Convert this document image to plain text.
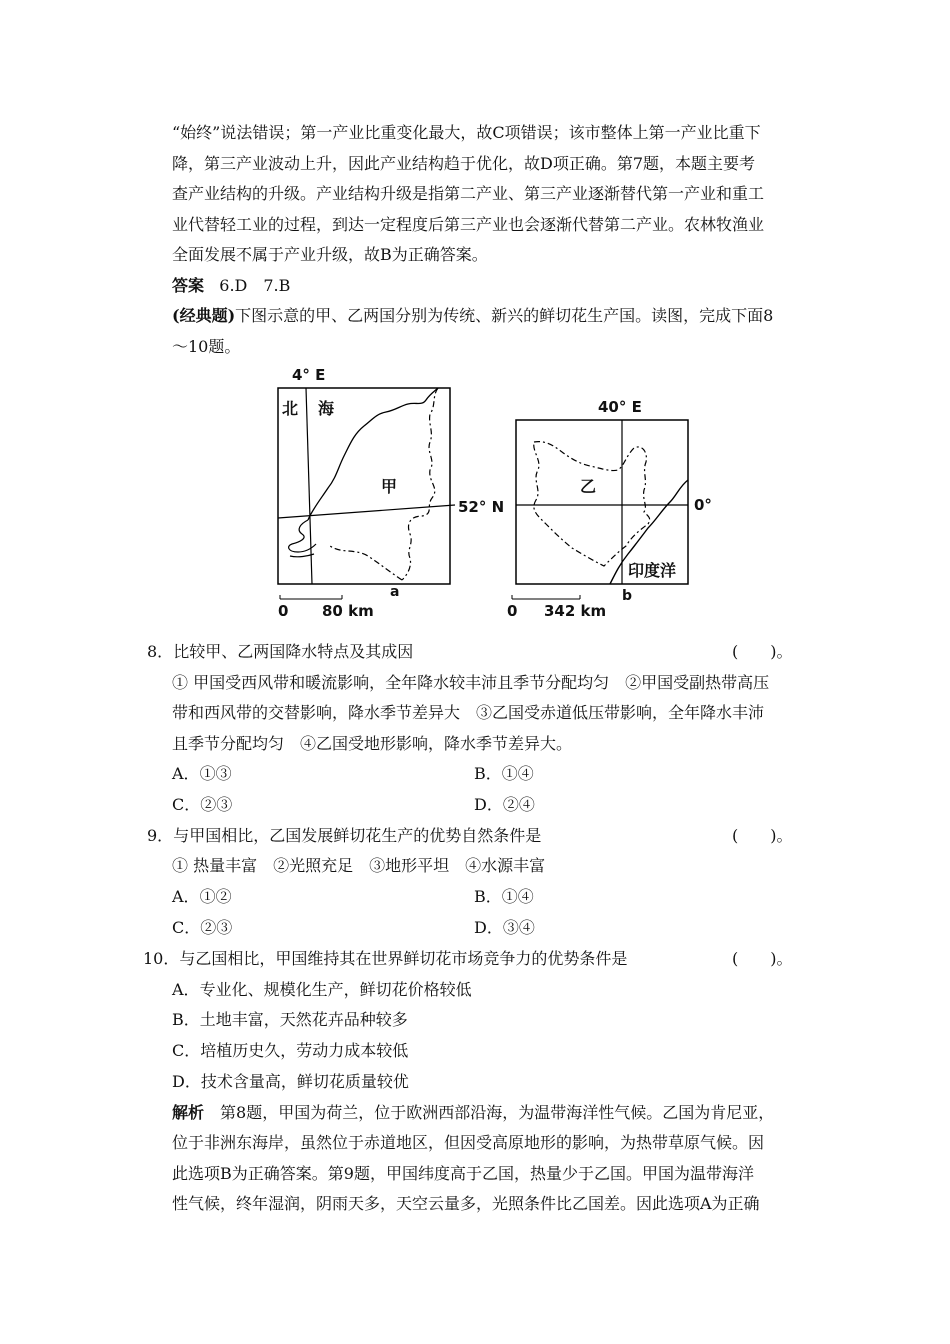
“始终”说法错误；第一产业比重变化最大，故C项错误；该市整体上第一产业比重下
降，第三产业波动上升，因此产业结构趋于优化，故D项正确。第7题，本题主要考
查产业结构的升级。产业结构升级是指第二产业、第三产业逐渐替代第一产业和重工
业代替轻工业的过程，到达一定程度后第三产业也会逐渐代替第二产业。农林牧渔业
全面发展不属于产业升级，故B为正确答案。
答案 6.D　7.B
(经典题)下图示意的甲、乙两国分别为传统、新兴的鲜切花生产国。读图，完成下面8
～10题。
4° E
北 海
甲
52° N
0 80 km
a
40° E
乙
0°
印度洋
0 342 km
b
8．比较甲、乙两国降水特点及其成因	(　　)。
① 甲国受西风带和暖流影响，全年降水较丰沛且季节分配均匀　②甲国受副热带高压
带和西风带的交替影响，降水季节差异大　③乙国受赤道低压带影响，全年降水丰沛
且季节分配均匀　④乙国受地形影响，降水季节差异大。
A．①③	B．①④
C．②③	D．②④
9．与甲国相比，乙国发展鲜切花生产的优势自然条件是	(　　)。
① 热量丰富　②光照充足　③地形平坦　④水源丰富
A．①②	B．①④
C．②③	D．③④
10．与乙国相比，甲国维持其在世界鲜切花市场竞争力的优势条件是	(　　)。
A．专业化、规模化生产，鲜切花价格较低
B．土地丰富，天然花卉品种较多
C．培植历史久，劳动力成本较低
D．技术含量高，鲜切花质量较优
解析　第8题，甲国为荷兰，位于欧洲西部沿海，为温带海洋性气候。乙国为肯尼亚，
位于非洲东海岸，虽然位于赤道地区，但因受高原地形的影响，为热带草原气候。因
此选项B为正确答案。第9题，甲国纬度高于乙国，热量少于乙国。甲国为温带海洋
性气候，终年湿润，阴雨天多，天空云量多，光照条件比乙国差。因此选项A为正确
